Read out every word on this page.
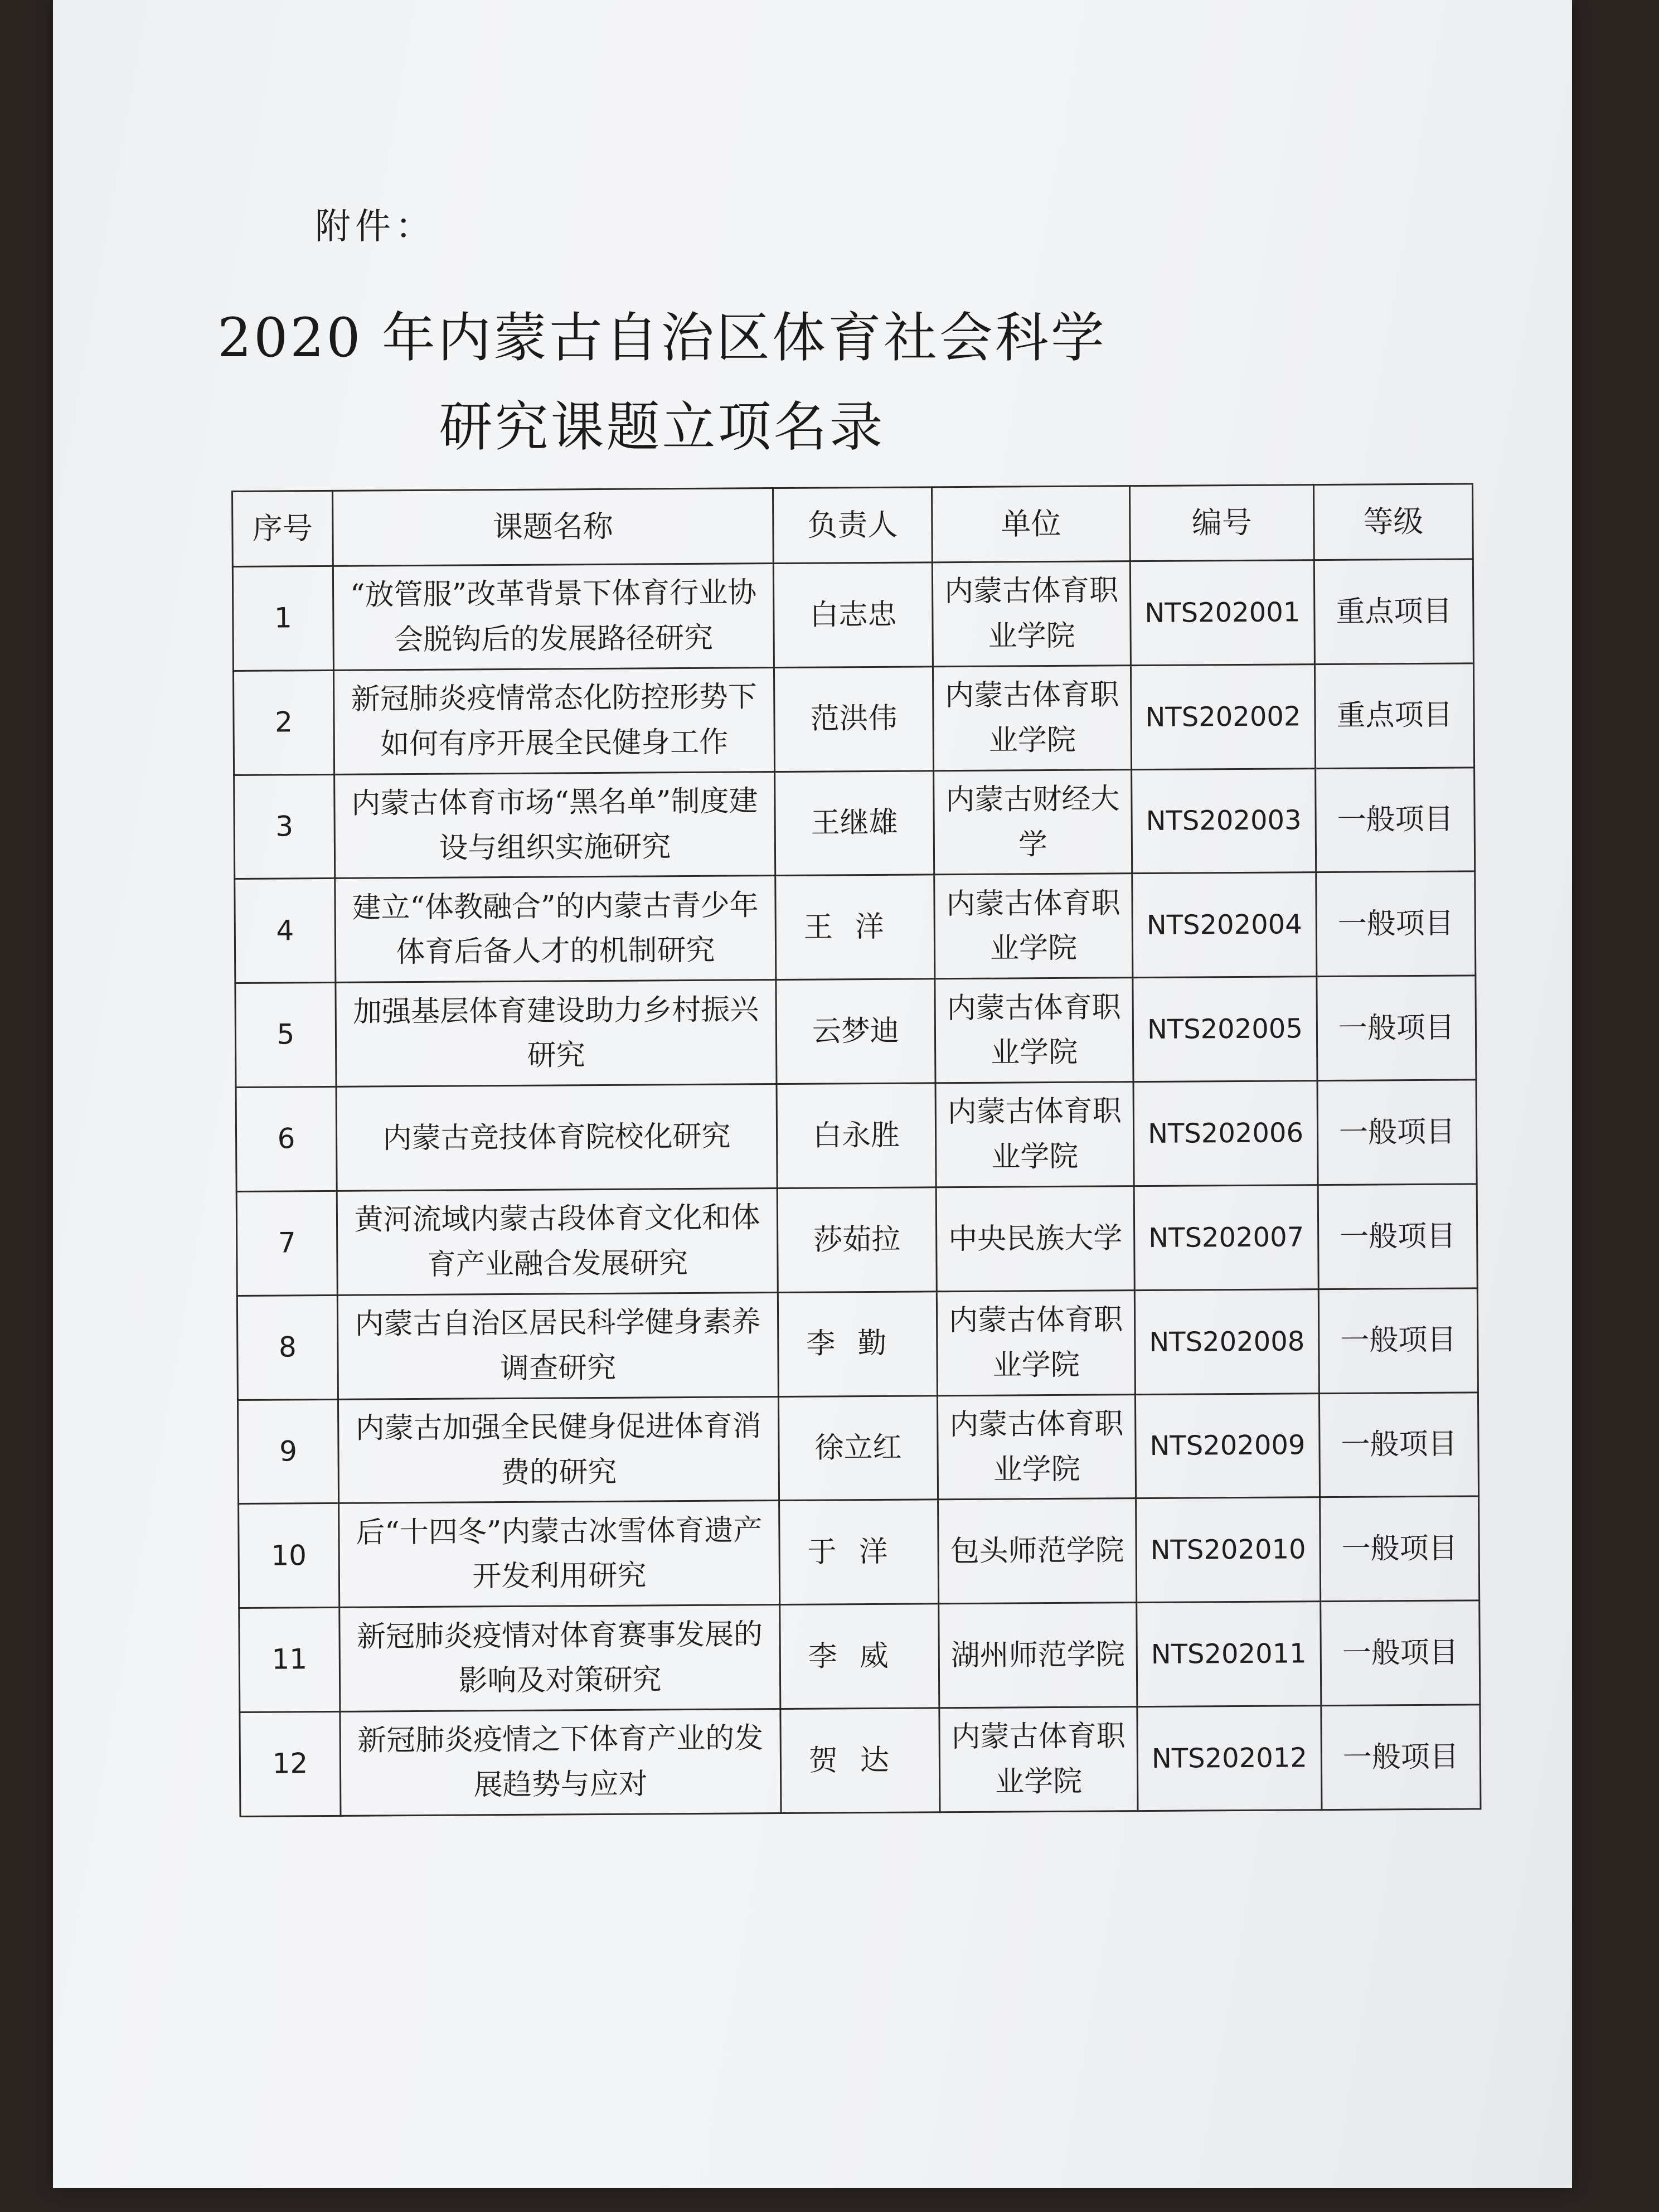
附件：
2020 年内蒙古自治区体育社会科学
研究课题立项名录
序号	课题名称	负责人	单位	编号	等级
1	“放管服”改革背景下体育行业协会脱钩后的发展路径研究	白志忠	内蒙古体育职业学院	NTS202001	重点项目
2	新冠肺炎疫情常态化防控形势下如何有序开展全民健身工作	范洪伟	内蒙古体育职业学院	NTS202002	重点项目
3	内蒙古体育市场“黑名单”制度建设与组织实施研究	王继雄	内蒙古财经大学	NTS202003	一般项目
4	建立“体教融合”的内蒙古青少年体育后备人才的机制研究	王洋	内蒙古体育职业学院	NTS202004	一般项目
5	加强基层体育建设助力乡村振兴研究	云梦迪	内蒙古体育职业学院	NTS202005	一般项目
6	内蒙古竞技体育院校化研究	白永胜	内蒙古体育职业学院	NTS202006	一般项目
7	黄河流域内蒙古段体育文化和体育产业融合发展研究	莎茹拉	中央民族大学	NTS202007	一般项目
8	内蒙古自治区居民科学健身素养调查研究	李勤	内蒙古体育职业学院	NTS202008	一般项目
9	内蒙古加强全民健身促进体育消费的研究	徐立红	内蒙古体育职业学院	NTS202009	一般项目
10	后“十四冬”内蒙古冰雪体育遗产开发利用研究	于洋	包头师范学院	NTS202010	一般项目
11	新冠肺炎疫情对体育赛事发展的影响及对策研究	李威	湖州师范学院	NTS202011	一般项目
12	新冠肺炎疫情之下体育产业的发展趋势与应对	贺达	内蒙古体育职业学院	NTS202012	一般项目
